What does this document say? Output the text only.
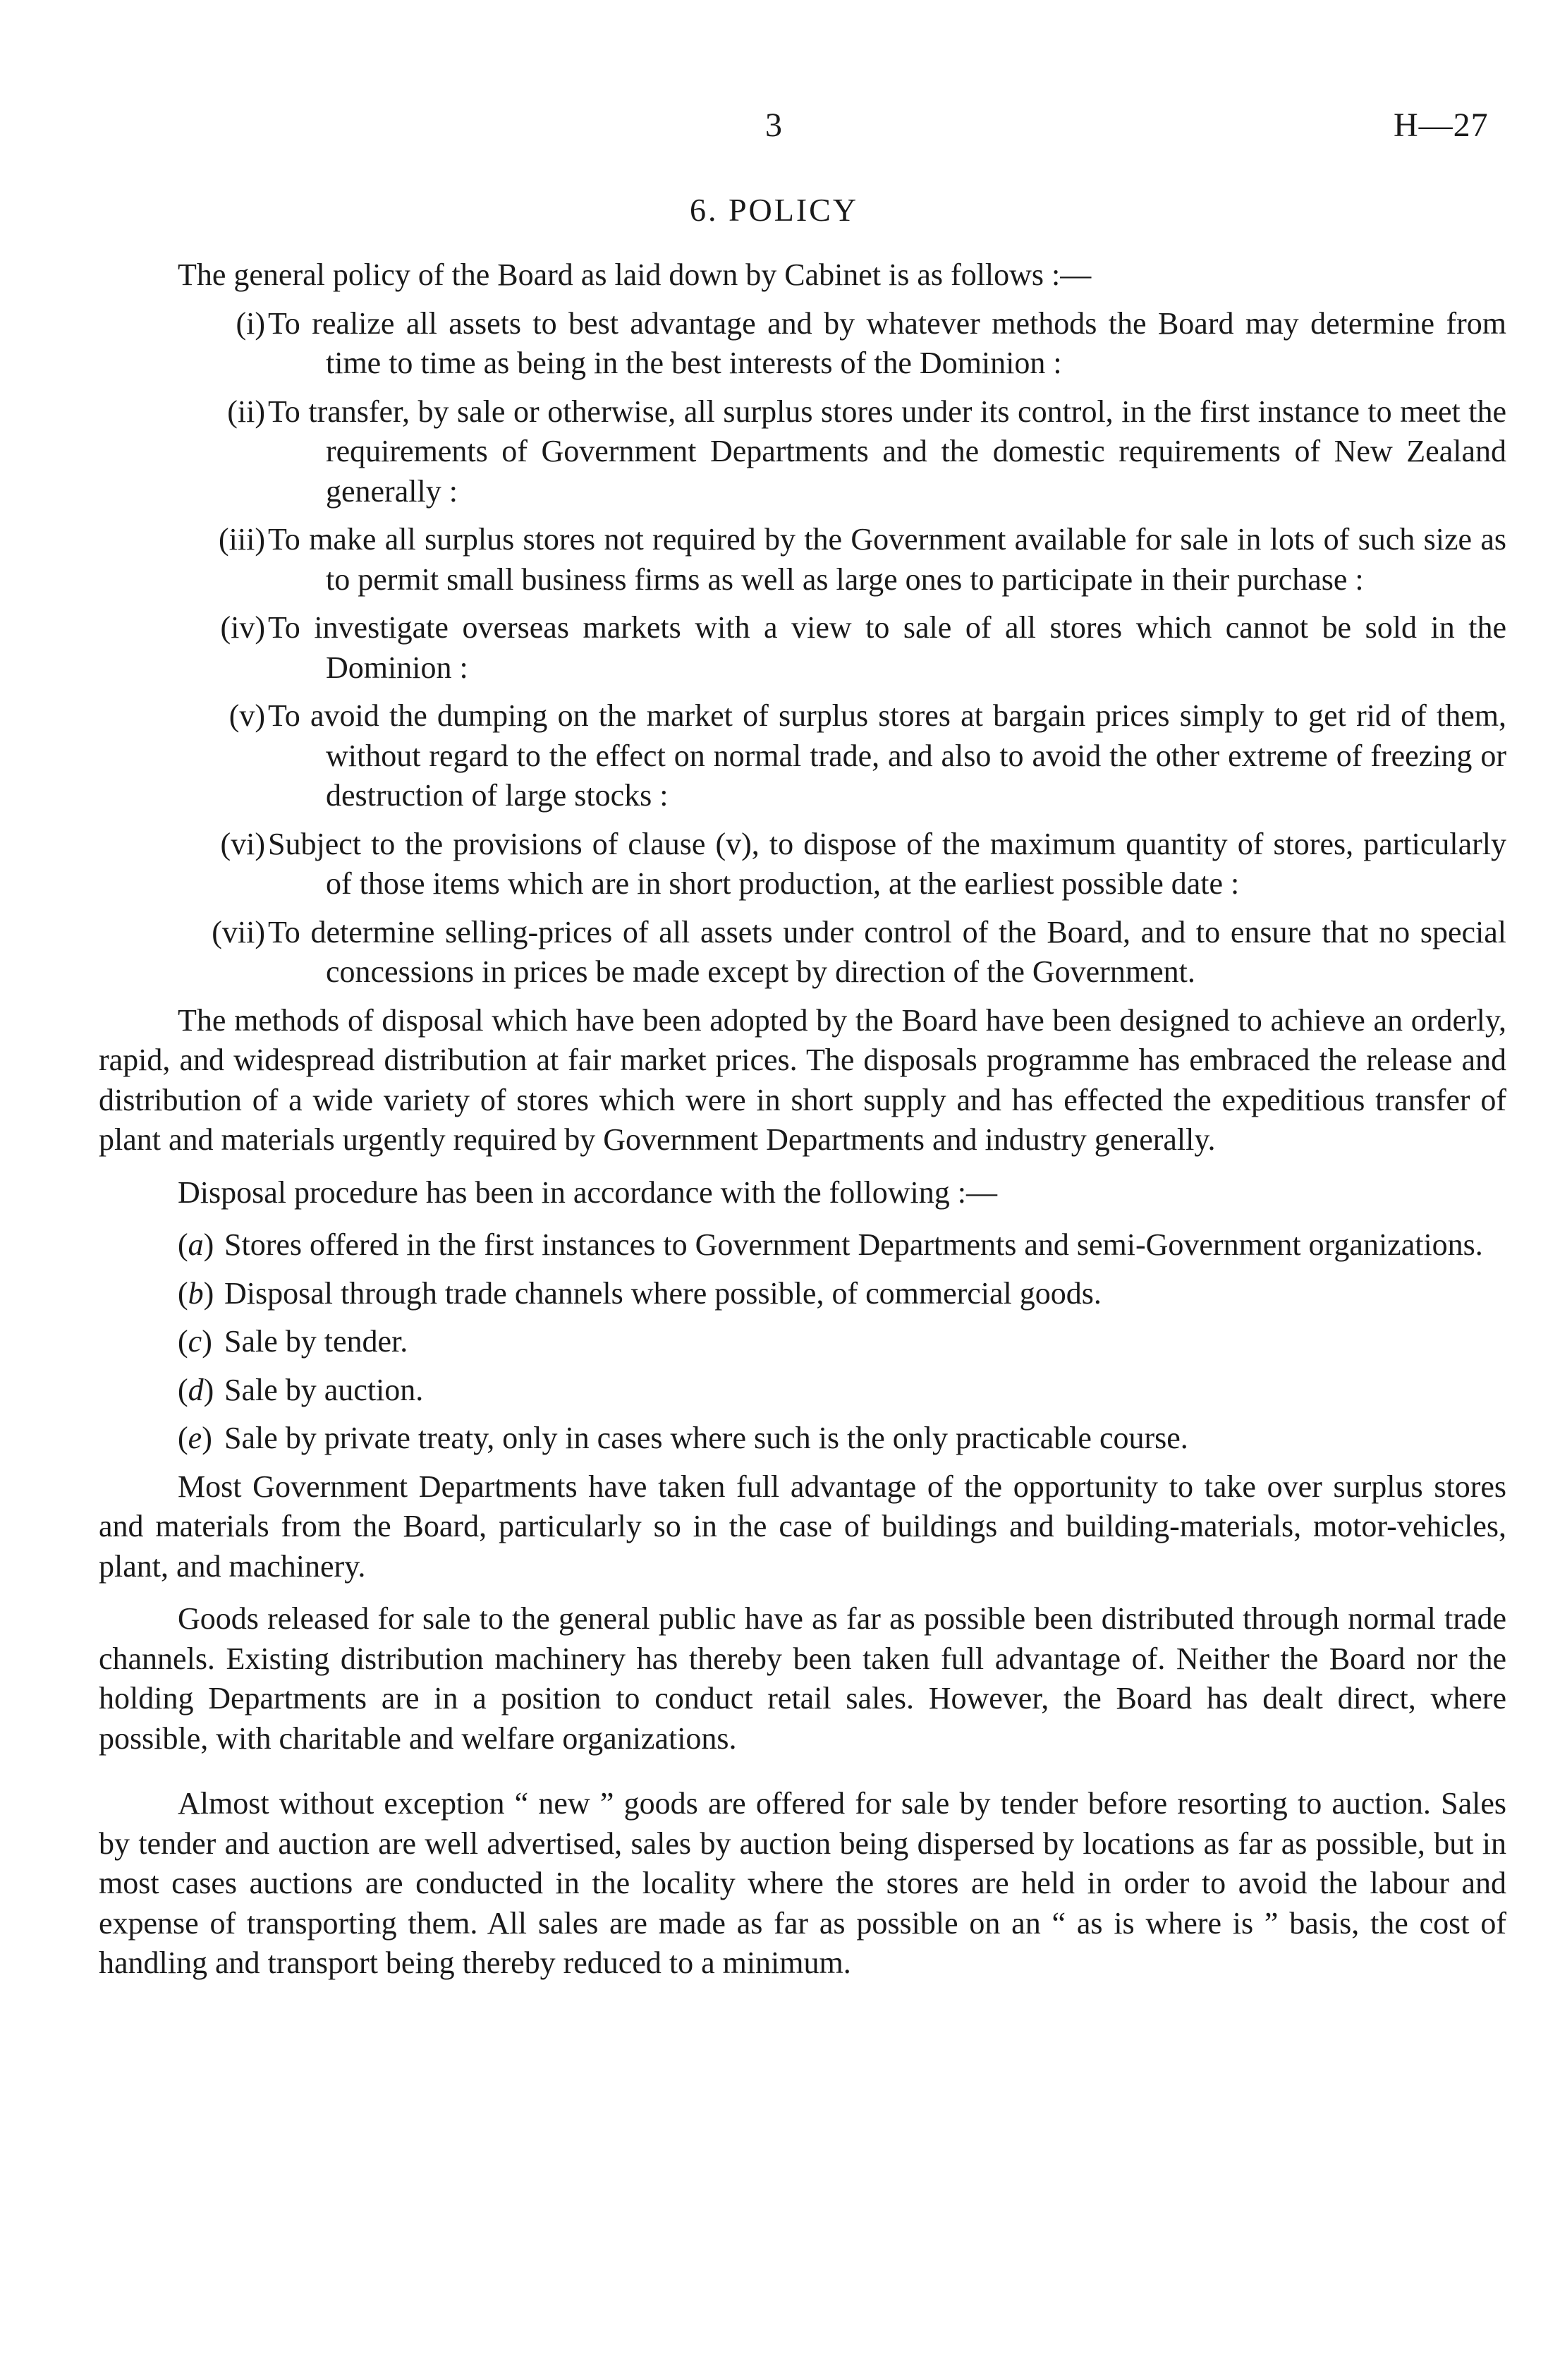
3	H—27
6. POLICY

The general policy of the Board as laid down by Cabinet is as follows :—

(i) To realize all assets to best advantage and by whatever methods the Board may determine from time to time as being in the best interests of the Dominion :
(ii) To transfer, by sale or otherwise, all surplus stores under its control, in the first instance to meet the requirements of Government Departments and the domestic requirements of New Zealand generally :
(iii) To make all surplus stores not required by the Government available for sale in lots of such size as to permit small business firms as well as large ones to participate in their purchase :
(iv) To investigate overseas markets with a view to sale of all stores which cannot be sold in the Dominion :
(v) To avoid the dumping on the market of surplus stores at bargain prices simply to get rid of them, without regard to the effect on normal trade, and also to avoid the other extreme of freezing or destruction of large stocks :
(vi) Subject to the provisions of clause (v), to dispose of the maximum quantity of stores, particularly of those items which are in short production, at the earliest possible date :
(vii) To determine selling-prices of all assets under control of the Board, and to ensure that no special concessions in prices be made except by direction of the Government.

The methods of disposal which have been adopted by the Board have been designed to achieve an orderly, rapid, and widespread distribution at fair market prices. The disposals programme has embraced the release and distribution of a wide variety of stores which were in short supply and has effected the expeditious transfer of plant and materials urgently required by Government Departments and industry generally.

Disposal procedure has been in accordance with the following :—

(a) Stores offered in the first instances to Government Departments and semi-Government organizations.
(b) Disposal through trade channels where possible, of commercial goods.
(c) Sale by tender.
(d) Sale by auction.
(e) Sale by private treaty, only in cases where such is the only practicable course.

Most Government Departments have taken full advantage of the opportunity to take over surplus stores and materials from the Board, particularly so in the case of buildings and building-materials, motor-vehicles, plant, and machinery.

Goods released for sale to the general public have as far as possible been distributed through normal trade channels. Existing distribution machinery has thereby been taken full advantage of. Neither the Board nor the holding Departments are in a position to conduct retail sales. However, the Board has dealt direct, where possible, with charitable and welfare organizations.

Almost without exception “ new ” goods are offered for sale by tender before resorting to auction. Sales by tender and auction are well advertised, sales by auction being dispersed by locations as far as possible, but in most cases auctions are conducted in the locality where the stores are held in order to avoid the labour and expense of transporting them. All sales are made as far as possible on an “ as is where is ” basis, the cost of handling and transport being thereby reduced to a minimum.
